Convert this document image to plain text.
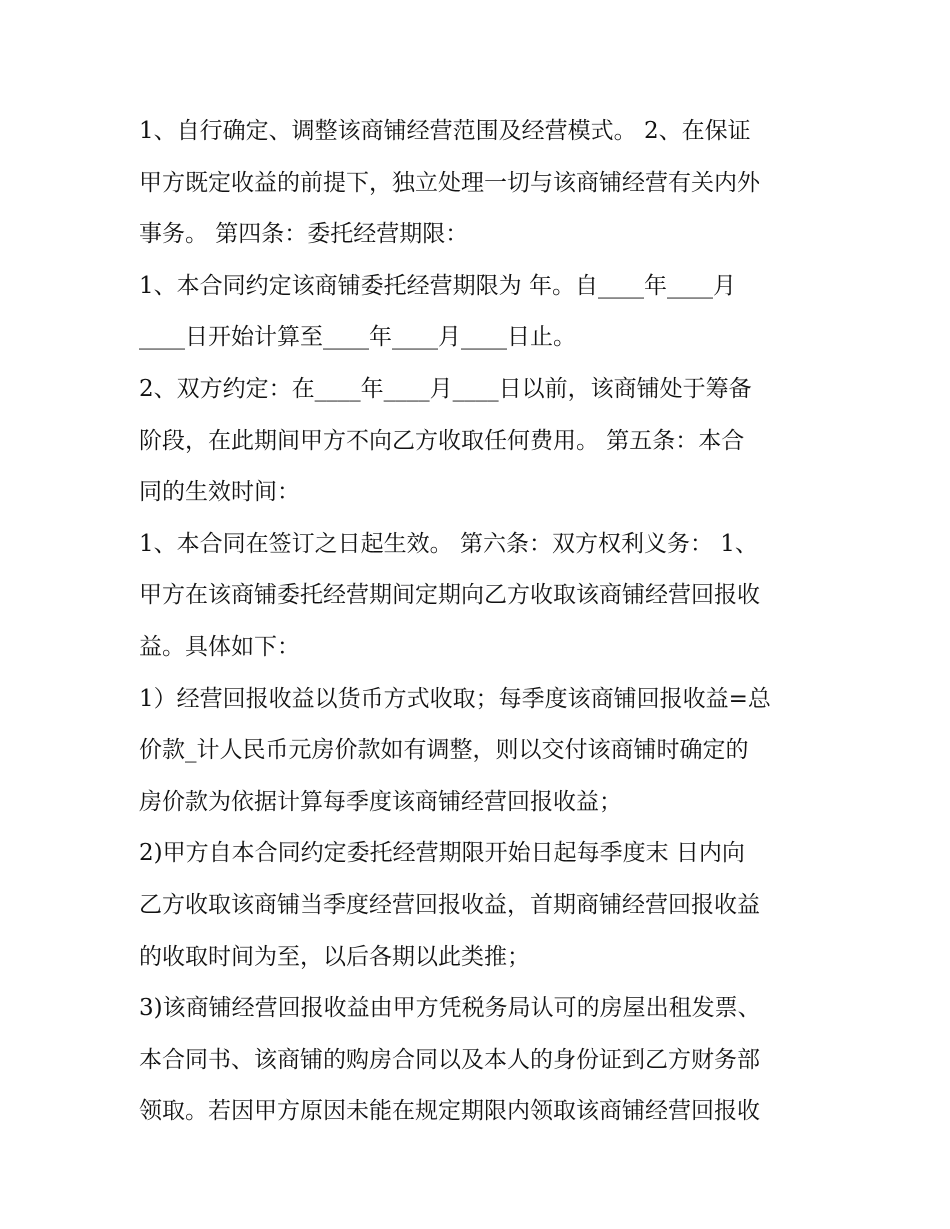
1、自行确定、调整该商铺经营范围及经营模式。 2、在保证
甲方既定收益的前提下，独立处理一切与该商铺经营有关内外
事务。 第四条：委托经营期限：
1、本合同约定该商铺委托经营期限为 年。自____年____月
____日开始计算至____年____月____日止。
2、双方约定：在____年____月____日以前，该商铺处于筹备
阶段，在此期间甲方不向乙方收取任何费用。 第五条：本合
同的生效时间：
1、本合同在签订之日起生效。 第六条：双方权利义务： 1、
甲方在该商铺委托经营期间定期向乙方收取该商铺经营回报收
益。具体如下：
1）经营回报收益以货币方式收取；每季度该商铺回报收益=总
价款_计人民币元房价款如有调整，则以交付该商铺时确定的
房价款为依据计算每季度该商铺经营回报收益；
2)甲方自本合同约定委托经营期限开始日起每季度末 日内向
乙方收取该商铺当季度经营回报收益，首期商铺经营回报收益
的收取时间为至，以后各期以此类推；
3)该商铺经营回报收益由甲方凭税务局认可的房屋出租发票、
本合同书、该商铺的购房合同以及本人的身份证到乙方财务部
领取。若因甲方原因未能在规定期限内领取该商铺经营回报收
